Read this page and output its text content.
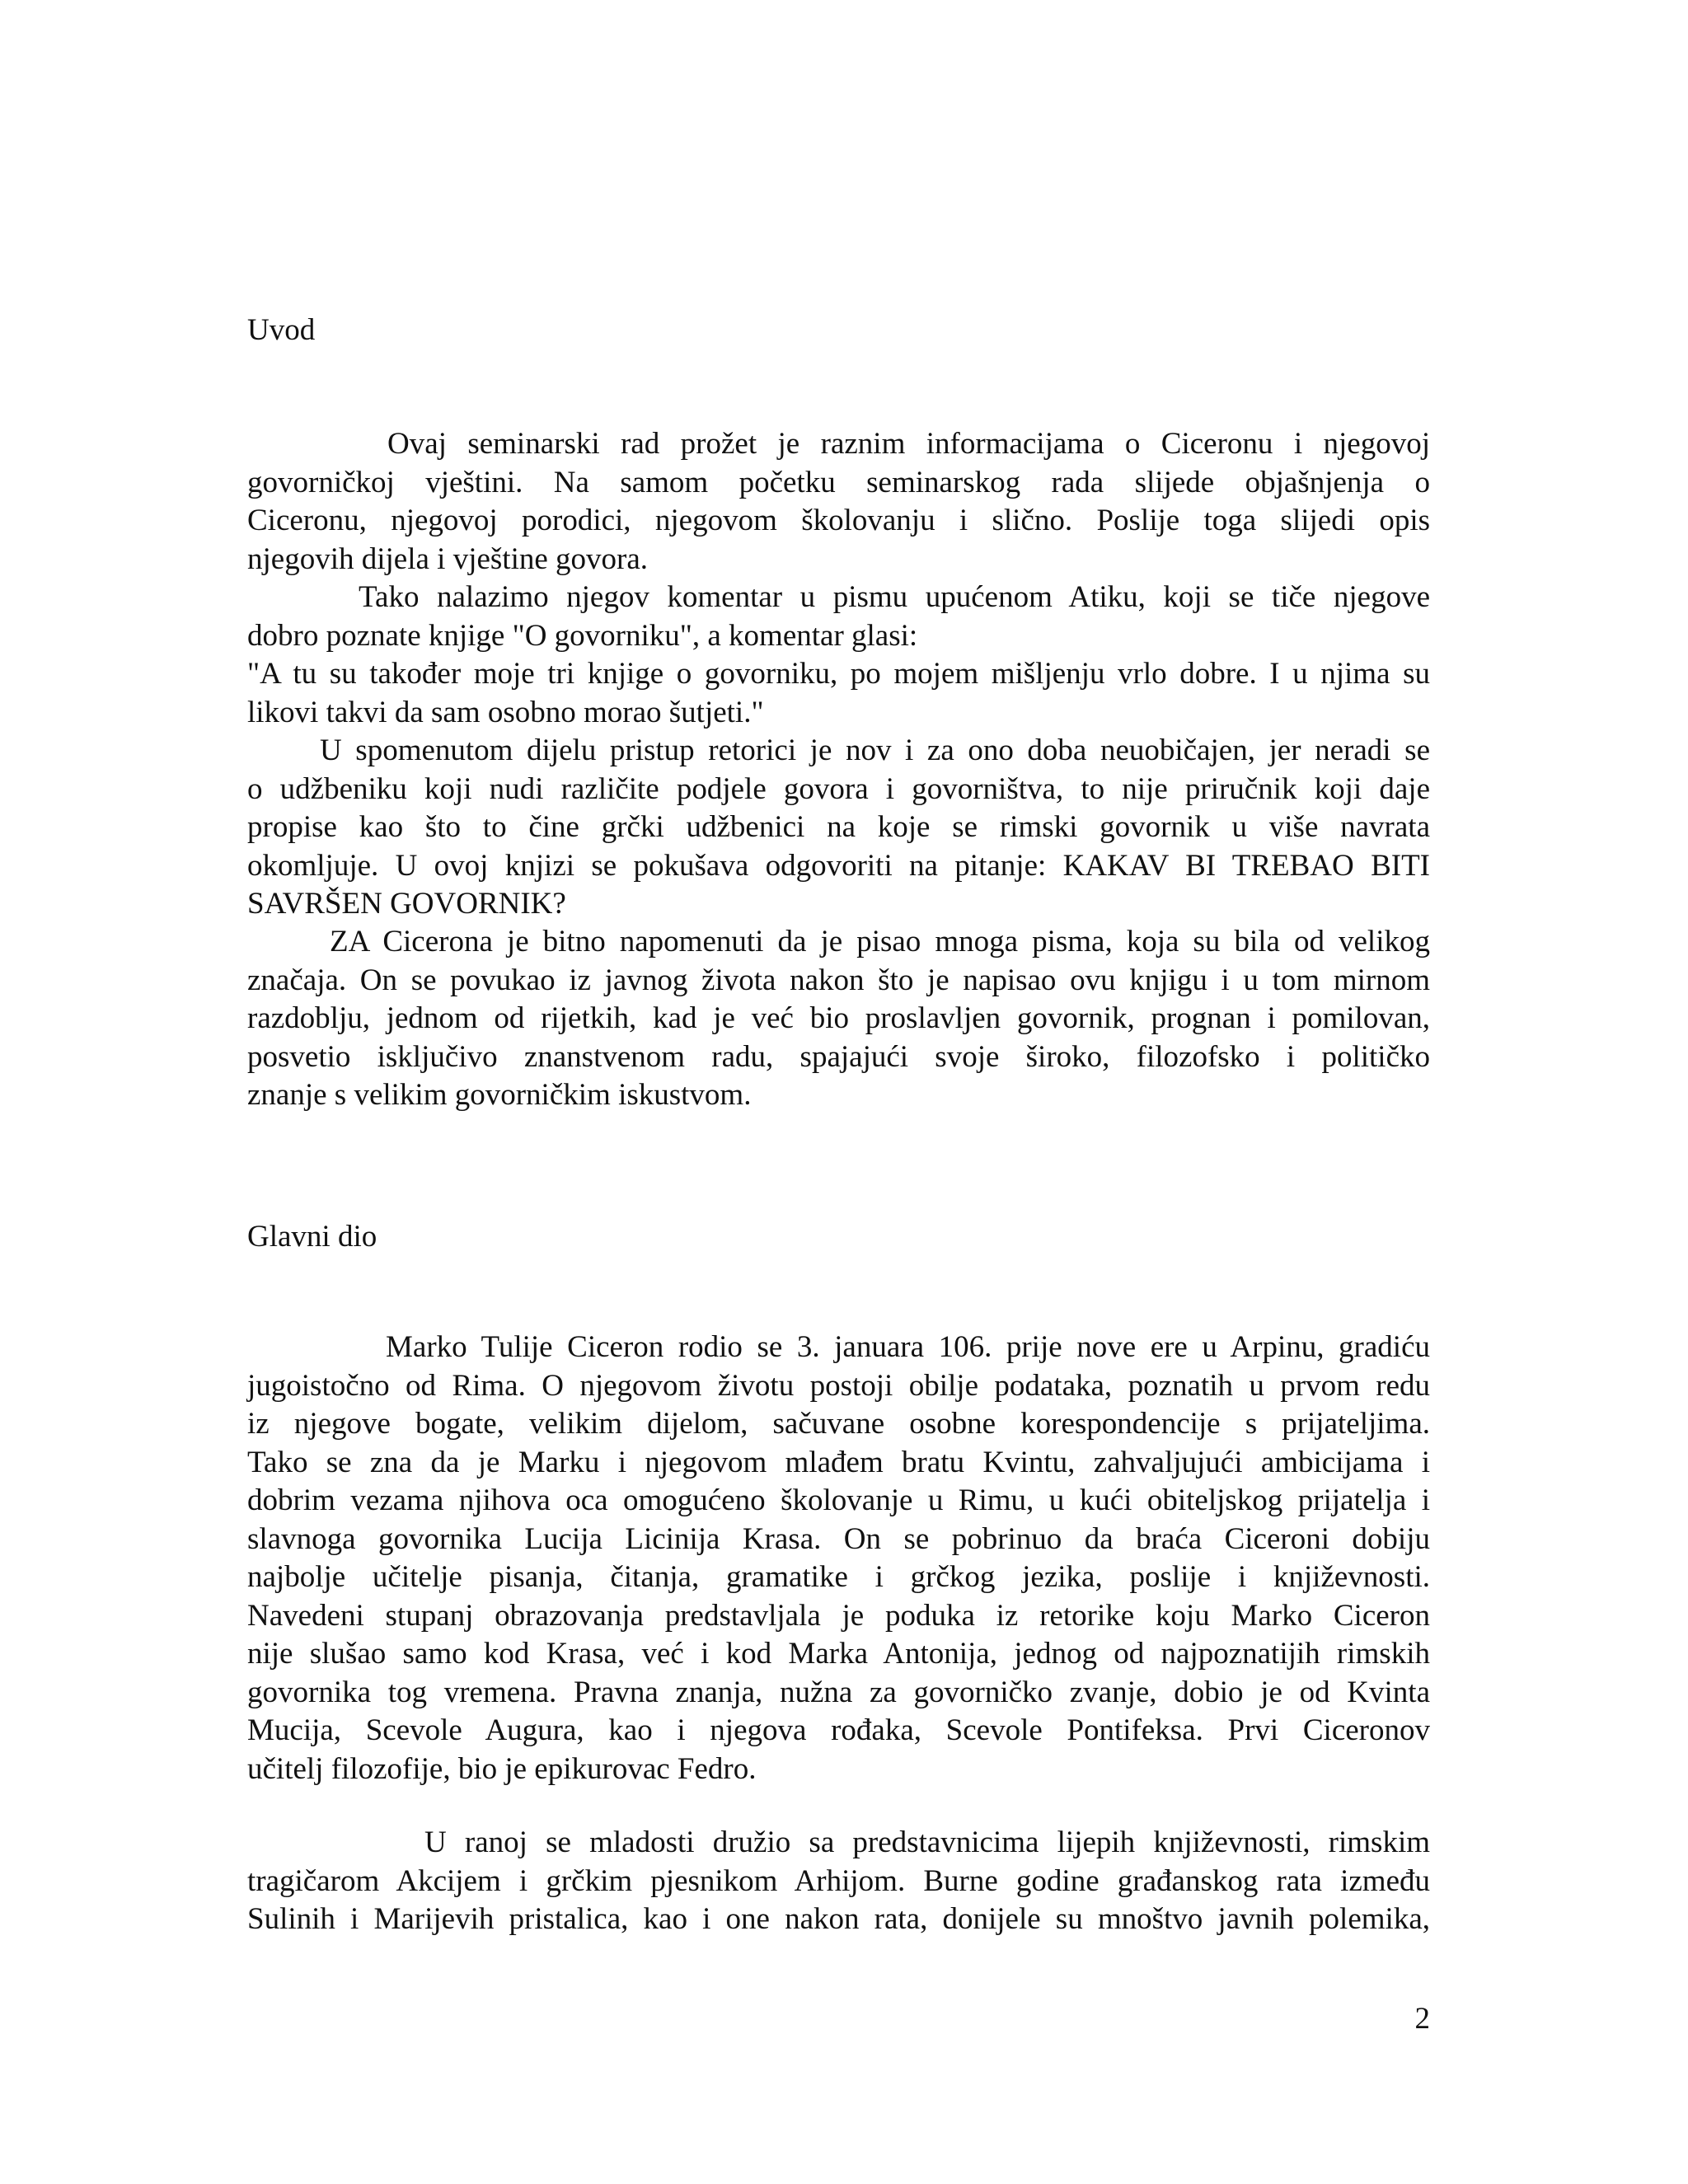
Uvod
Ovaj seminarski rad prožet je raznim informacijama o Ciceronu i njegovoj
govorničkoj vještini. Na samom početku seminarskog rada slijede objašnjenja o
Ciceronu, njegovoj porodici, njegovom školovanju i slično. Poslije toga slijedi opis
njegovih dijela i vještine govora.
Tako nalazimo njegov komentar u pismu upućenom Atiku, koji se tiče njegove
dobro poznate knjige "O govorniku", a komentar glasi:
"A tu su također moje tri knjige o govorniku, po mojem mišljenju vrlo dobre. I u njima su
likovi takvi da sam osobno morao šutjeti."
U spomenutom dijelu pristup retorici je nov i za ono doba neuobičajen, jer neradi se
o udžbeniku koji nudi različite podjele govora i govorništva, to nije priručnik koji daje
propise kao što to čine grčki udžbenici na koje se rimski govornik u više navrata
okomljuje. U ovoj knjizi se pokušava odgovoriti na pitanje: KAKAV BI TREBAO BITI
SAVRŠEN GOVORNIK?
ZA Cicerona je bitno napomenuti da je pisao mnoga pisma, koja su bila od velikog
značaja. On se povukao iz javnog života nakon što je napisao ovu knjigu i u tom mirnom
razdoblju, jednom od rijetkih, kad je već bio proslavljen govornik, prognan i pomilovan,
posvetio isključivo znanstvenom radu, spajajući svoje široko, filozofsko i političko
znanje s velikim govorničkim iskustvom.
Glavni dio
Marko Tulije Ciceron rodio se 3. januara 106. prije nove ere u Arpinu, gradiću
jugoistočno od Rima. O njegovom životu postoji obilje podataka, poznatih u prvom redu
iz njegove bogate, velikim dijelom, sačuvane osobne korespondencije s prijateljima.
Tako se zna da je Marku i njegovom mlađem bratu Kvintu, zahvaljujući ambicijama i
dobrim vezama njihova oca omogućeno školovanje u Rimu, u kući obiteljskog prijatelja i
slavnoga govornika Lucija Licinija Krasa. On se pobrinuo da braća Ciceroni dobiju
najbolje učitelje pisanja, čitanja, gramatike i grčkog jezika, poslije i književnosti.
Navedeni stupanj obrazovanja predstavljala je poduka iz retorike koju Marko Ciceron
nije slušao samo kod Krasa, već i kod Marka Antonija, jednog od najpoznatijih rimskih
govornika tog vremena. Pravna znanja, nužna za govorničko zvanje, dobio je od Kvinta
Mucija, Scevole Augura, kao i njegova rođaka, Scevole Pontifeksa. Prvi Ciceronov
učitelj filozofije, bio je epikurovac Fedro.
U ranoj se mladosti družio sa predstavnicima lijepih književnosti, rimskim
tragičarom Akcijem i grčkim pjesnikom Arhijom. Burne godine građanskog rata između
Sulinih i Marijevih pristalica, kao i one nakon rata, donijele su mnoštvo javnih polemika,
2
